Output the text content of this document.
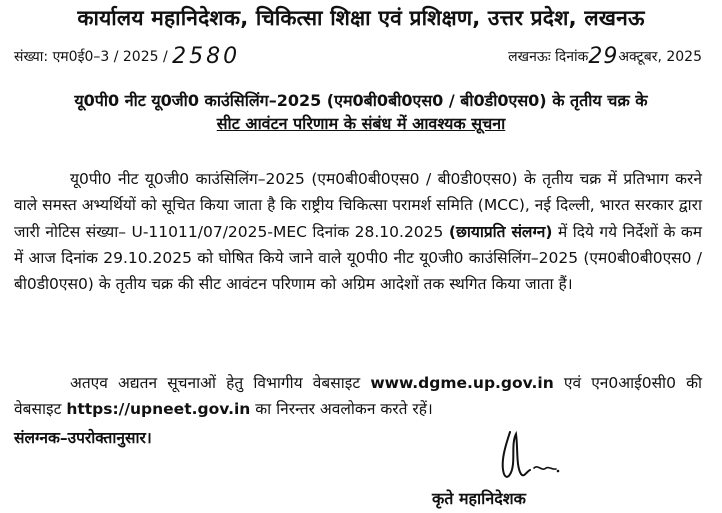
कार्यालय महानिदेशक, चिकित्सा शिक्षा एवं प्रशिक्षण, उत्तर प्रदेश, लखनऊ
संख्या: एम0ई0–3 / 2025 / 2580	लखनऊः दिनांक29अक्टूबर, 2025
यू0पी0 नीट यू0जी0 काउंसिलिंग–2025 (एम0बी0बी0एस0 / बी0डी0एस0) के तृतीय चक्र के
सीट आवंटन परिणाम के संबंध में आवश्यक सूचना
यू0पी0 नीट यू0जी0 काउंसिलिंग–2025 (एम0बी0बी0एस0 / बी0डी0एस0) के तृतीय चक्र में प्रतिभाग करने वाले समस्त अभ्यर्थियों को सूचित किया जाता है कि राष्ट्रीय चिकित्सा परामर्श समिति (MCC), नई दिल्ली, भारत सरकार द्वारा जारी नोटिस संख्या– U-11011/07/2025-MEC दिनांक 28.10.2025 (छायाप्रति संलग्न) में दिये गये निर्देशों के कम में आज दिनांक 29.10.2025 को घोषित किये जाने वाले यू0पी0 नीट यू0जी0 काउंसिलिंग–2025 (एम0बी0बी0एस0 / बी0डी0एस0) के तृतीय चक्र की सीट आवंटन परिणाम को अग्रिम आदेशों तक स्थगित किया जाता हैं।
अतएव अद्यतन सूचनाओं हेतु विभागीय वेबसाइट www.dgme.up.gov.in एवं एन0आई0सी0 की वेबसाइट https://upneet.gov.in का निरन्तर अवलोकन करते रहें।
संलग्नक–उपरोक्तानुसार।
कृते महानिदेशक
